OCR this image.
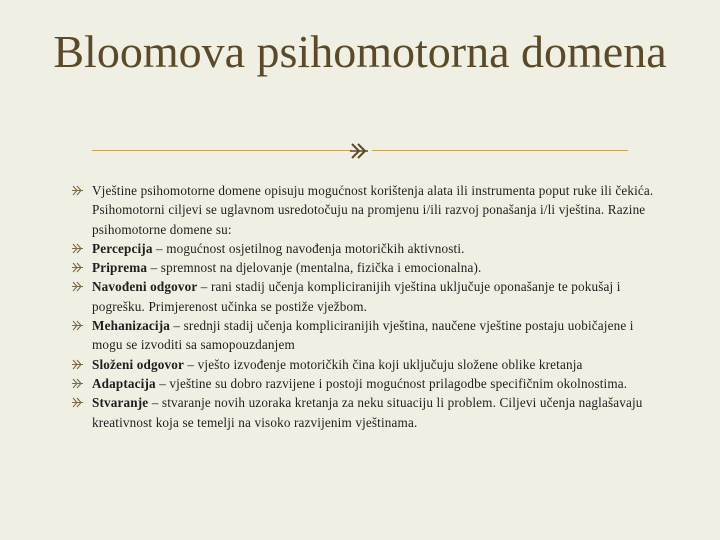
Bloomova psihomotorna domena
Vještine psihomotorne domene opisuju mogućnost korištenja alata ili instrumenta poput ruke ili čekića. Psihomotorni ciljevi se uglavnom usredotočuju na promjenu i/ili razvoj ponašanja i/li vještina. Razine psihomotorne domene su:
Percepcija – mogućnost osjetilnog navođenja motoričkih aktivnosti.
Priprema – spremnost na djelovanje (mentalna, fizička i emocionalna).
Navođeni odgovor – rani stadij učenja kompliciranijih vještina uključuje oponašanje te pokušaj i pogrešku. Primjerenost učinka se postiže vježbom.
Mehanizacija – srednji stadij učenja kompliciranijih vještina, naučene vještine postaju uobičajene i mogu se izvoditi sa samopouzdanjem
Složeni odgovor – vješto izvođenje motoričkih čina koji uključuju složene oblike kretanja
Adaptacija – vještine su dobro razvijene i postoji mogućnost prilagodbe specifičnim okolnostima.
Stvaranje – stvaranje novih uzoraka kretanja za neku situaciju li problem. Ciljevi učenja naglašavaju kreativnost koja se temelji na visoko razvijenim vještinama.
